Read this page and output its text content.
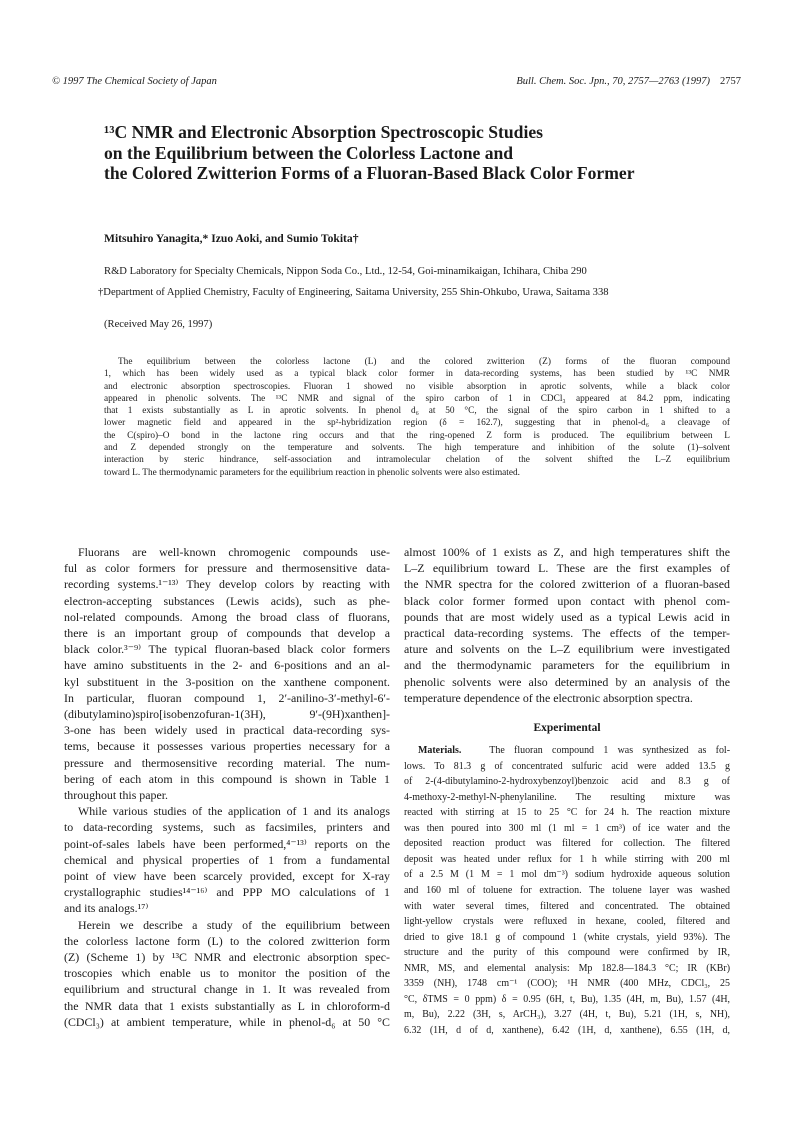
© 1997 The Chemical Society of Japan	Bull. Chem. Soc. Jpn., 70, 2757—2763 (1997) 2757
¹³C NMR and Electronic Absorption Spectroscopic Studies
on the Equilibrium between the Colorless Lactone and
the Colored Zwitterion Forms of a Fluoran-Based Black Color Former

Mitsuhiro Yanagita,* Izuo Aoki, and Sumio Tokita†

R&D Laboratory for Specialty Chemicals, Nippon Soda Co., Ltd., 12-54, Goi-minamikaigan, Ichihara, Chiba 290

†Department of Applied Chemistry, Faculty of Engineering, Saitama University, 255 Shin-Ohkubo, Urawa, Saitama 338

(Received May 26, 1997)

The equilibrium between the colorless lactone (L) and the colored zwitterion (Z) forms of the fluoran compound
1, which has been widely used as a typical black color former in data-recording systems, has been studied by ¹³C NMR
and electronic absorption spectroscopies. Fluoran 1 showed no visible absorption in aprotic solvents, while a black color
appeared in phenolic solvents. The ¹³C NMR and signal of the spiro carbon of 1 in CDCl₃ appeared at 84.2 ppm, indicating
that 1 exists substantially as L in aprotic solvents. In phenol d₆ at 50 °C, the signal of the spiro carbon in 1 shifted to a
lower magnetic field and appeared in the sp²-hybridization region (δ = 162.7), suggesting that in phenol-d₆ a cleavage of
the C(spiro)–O bond in the lactone ring occurs and that the ring-opened Z form is produced. The equilibrium between L
and Z depended strongly on the temperature and solvents. The high temperature and inhibition of the solute (1)–solvent
interaction by steric hindrance, self-association and intramolecular chelation of the solvent shifted the L–Z equilibrium
toward L. The thermodynamic parameters for the equilibrium reaction in phenolic solvents were also estimated.

Fluorans are well-known chromogenic compounds use-
ful as color formers for pressure and thermosensitive data-
recording systems.¹⁻¹³⁾ They develop colors by reacting with
electron-accepting substances (Lewis acids), such as phe-
nol-related compounds. Among the broad class of fluorans,
there is an important group of compounds that develop a
black color.³⁻⁹⁾ The typical fluoran-based black color formers
have amino substituents in the 2- and 6-positions and an al-
kyl substituent in the 3-position on the xanthene component.
In particular, fluoran compound 1, 2′-anilino-3′-methyl-6′-
(dibutylamino)spiro[isobenzofuran-1(3H), 9′-(9H)xanthen]-
3-one has been widely used in practical data-recording sys-
tems, because it possesses various properties necessary for a
pressure and thermosensitive recording material. The num-
bering of each atom in this compound is shown in Table 1
throughout this paper.

While various studies of the application of 1 and its analogs
to data-recording systems, such as facsimiles, printers and
point-of-sales labels have been performed,⁴⁻¹³⁾ reports on the
chemical and physical properties of 1 from a fundamental
point of view have been scarcely provided, except for X-ray
crystallographic studies¹⁴⁻¹⁶⁾ and PPP MO calculations of 1
and its analogs.¹⁷⁾

Herein we describe a study of the equilibrium between
the colorless lactone form (L) to the colored zwitterion form
(Z) (Scheme 1) by ¹³C NMR and electronic absorption spec-
troscopies which enable us to monitor the position of the
equilibrium and structural change in 1. It was revealed from
the NMR data that 1 exists substantially as L in chloroform-d
(CDCl₃) at ambient temperature, while in phenol-d₆ at 50 °C

almost 100% of 1 exists as Z, and high temperatures shift the
L–Z equilibrium toward L. These are the first examples of
the NMR spectra for the colored zwitterion of a fluoran-based
black color former formed upon contact with phenol com-
pounds that are most widely used as a typical Lewis acid in
practical data-recording systems. The effects of the temper-
ature and solvents on the L–Z equilibrium were investigated
and the thermodynamic parameters for the equilibrium in
phenolic solvents were also determined by an analysis of the
temperature dependence of the electronic absorption spectra.

Experimental

Materials.	The fluoran compound 1 was synthesized as fol-
lows. To 81.3 g of concentrated sulfuric acid were added 13.5 g
of 2-(4-dibutylamino-2-hydroxybenzoyl)benzoic acid and 8.3 g of
4-methoxy-2-methyl-N-phenylaniline. The resulting mixture was
reacted with stirring at 15 to 25 °C for 24 h. The reaction mixture
was then poured into 300 ml (1 ml = 1 cm³) of ice water and the
deposited reaction product was filtered for collection. The filtered
deposit was heated under reflux for 1 h while stirring with 200 ml
of a 2.5 M (1 M = 1 mol dm⁻³) sodium hydroxide aqueous solution
and 160 ml of toluene for extraction. The toluene layer was washed
with water several times, filtered and concentrated. The obtained
light-yellow crystals were refluxed in hexane, cooled, filtered and
dried to give 18.1 g of compound 1 (white crystals, yield 93%). The
structure and the purity of this compound were confirmed by IR,
NMR, MS, and elemental analysis: Mp 182.8—184.3 °C; IR (KBr)
3359 (NH), 1748 cm⁻¹ (COO); ¹H NMR (400 MHz, CDCl₃, 25
°C, δTMS = 0 ppm) δ = 0.95 (6H, t, Bu), 1.35 (4H, m, Bu), 1.57 (4H,
m, Bu), 2.22 (3H, s, ArCH₃), 3.27 (4H, t, Bu), 5.21 (1H, s, NH),
6.32 (1H, d of d, xanthene), 6.42 (1H, d, xanthene), 6.55 (1H, d,
